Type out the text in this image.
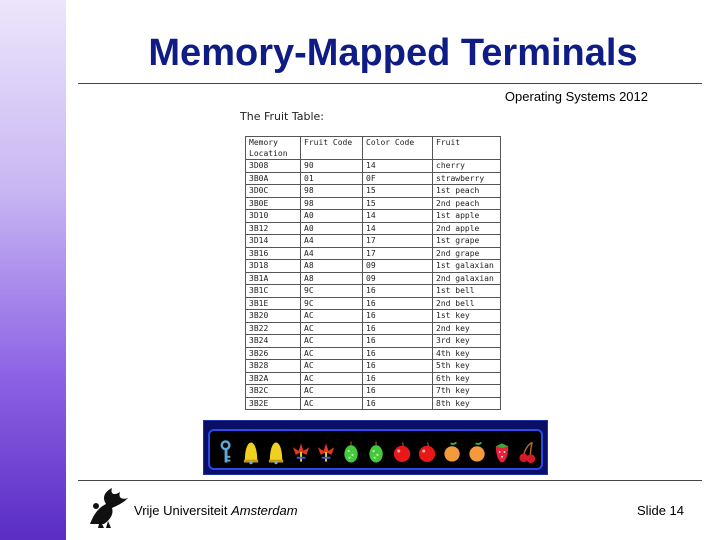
Memory-Mapped Terminals
Operating Systems 2012
The Fruit Table:
Memory Location	Fruit Code	Color Code	Fruit
3D08	90	14	cherry
3B0A	01	0F	strawberry
3D0C	98	15	1st peach
3B0E	98	15	2nd peach
3D10	A0	14	1st apple
3B12	A0	14	2nd apple
3D14	A4	17	1st grape
3B16	A4	17	2nd grape
3D18	A8	09	1st galaxian
3B1A	A8	09	2nd galaxian
3B1C	9C	16	1st bell
3B1E	9C	16	2nd bell
3B20	AC	16	1st key
3B22	AC	16	2nd key
3B24	AC	16	3rd key
3B26	AC	16	4th key
3B28	AC	16	5th key
3B2A	AC	16	6th key
3B2C	AC	16	7th key
3B2E	AC	16	8th key
Vrije Universiteit Amsterdam	Slide 14
